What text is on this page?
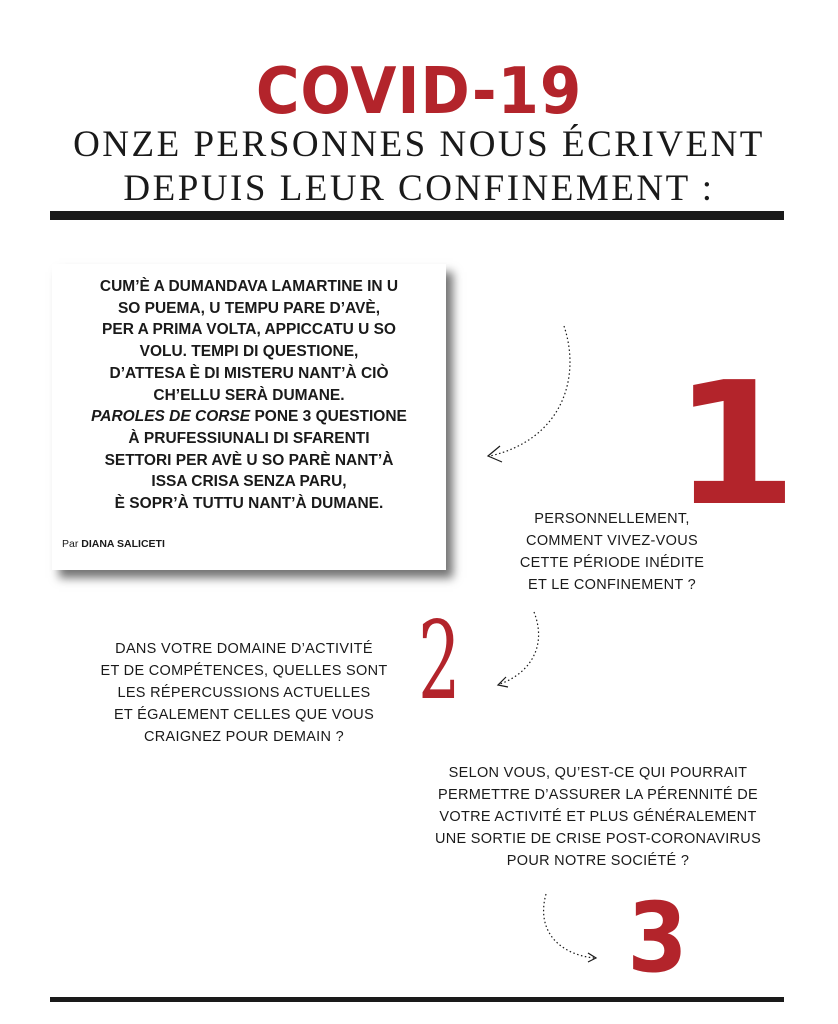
COVID-19
ONZE PERSONNES NOUS ÉCRIVENT
DEPUIS LEUR CONFINEMENT :
CUM’È A DUMANDAVA LAMARTINE IN U
SO PUEMA, U TEMPU PARE D’AVÈ,
PER A PRIMA VOLTA, APPICCATU U SO
VOLU. TEMPI DI QUESTIONE,
D’ATTESA È DI MISTERU NANT’À CIÒ
CH’ELLU SERÀ DUMANE.
PAROLES DE CORSE PONE 3 QUESTIONE
À PRUFESSIUNALI DI SFARENTI
SETTORI PER AVÈ U SO PARÈ NANT’À
ISSA CRISA SENZA PARU,
È SOPR’À TUTTU NANT’À DUMANE.
Par DIANA SALICETI	1
PERSONNELLEMENT,
COMMENT VIVEZ-VOUS
CETTE PÉRIODE INÉDITE
ET LE CONFINEMENT ?
2
DANS VOTRE DOMAINE D’ACTIVITÉ
ET DE COMPÉTENCES, QUELLES SONT
LES RÉPERCUSSIONS ACTUELLES
ET ÉGALEMENT CELLES QUE VOUS
CRAIGNEZ POUR DEMAIN ?
SELON VOUS, QU’EST-CE QUI POURRAIT
PERMETTRE D’ASSURER LA PÉRENNITÉ DE
VOTRE ACTIVITÉ ET PLUS GÉNÉRALEMENT
UNE SORTIE DE CRISE POST-CORONAVIRUS
POUR NOTRE SOCIÉTÉ ?
3
